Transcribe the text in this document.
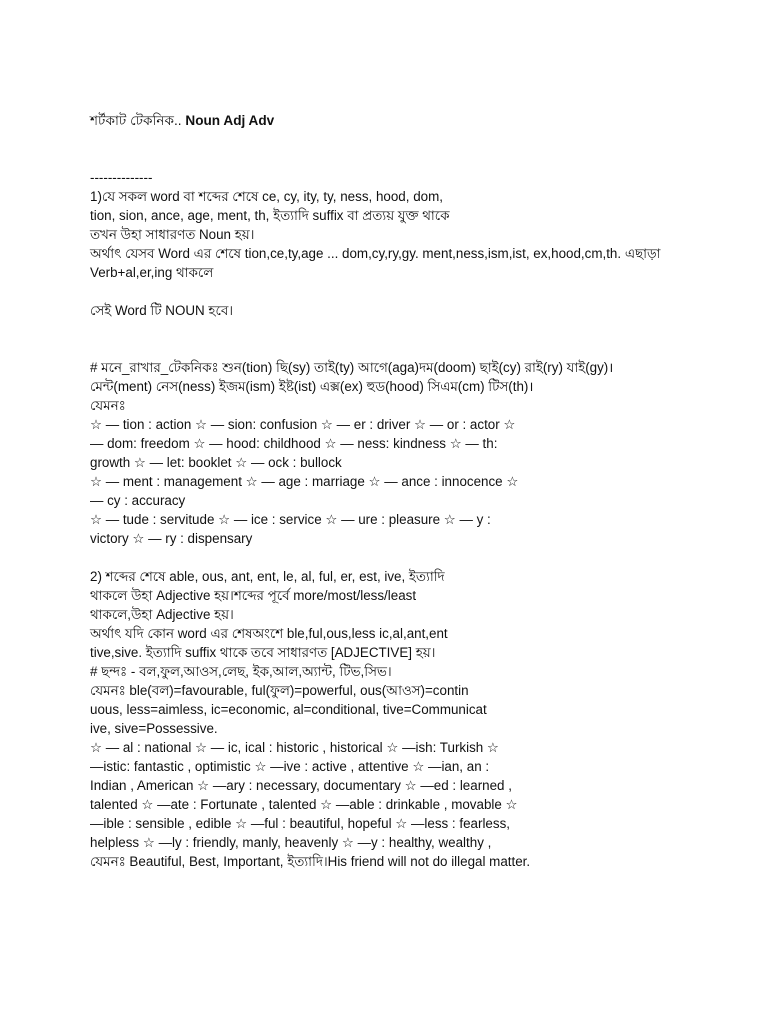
শর্টকাট টেকনিক.. Noun Adj Adv
--------------
1)যে সকল word বা শব্দের শেষে ce, cy, ity, ty, ness, hood, dom,
tion, sion, ance, age, ment, th, ইত্যাদি suffix বা প্রত্যয় যুক্ত থাকে
তখন উহা সাধারণত Noun হয়।
অর্থাৎ যেসব Word এর শেষে tion,ce,ty,age ... dom,cy,ry,gy. ment,ness,ism,ist, ex,hood,cm,th. এছাড়া
Verb+al,er,ing থাকলে
সেই Word টি NOUN হবে।
# মনে_রাখার_টেকনিকঃ শুন(tion) ছি(sy) তাই(ty) আগে(aga)দম(doom) ছাই(cy) রাই(ry) যাই(gy)।
মেন্ট(ment) নেস(ness) ইজম(ism) ইষ্ট(ist) এক্স(ex) হুড(hood) সিএম(cm) টিস(th)।
যেমনঃ
☆ — tion : action ☆ — sion: confusion ☆ — er : driver ☆ — or : actor ☆
— dom: freedom ☆ — hood: childhood ☆ — ness: kindness ☆ — th:
growth ☆ — let: booklet ☆ — ock : bullock
☆ — ment : management ☆ — age : marriage ☆ — ance : innocence ☆
— cy : accuracy
☆ — tude : servitude ☆ — ice : service ☆ — ure : pleasure ☆ — y :
victory ☆ — ry : dispensary
2) শব্দের শেষে able, ous, ant, ent, le, al, ful, er, est, ive, ইত্যাদি
থাকলে উহা Adjective হয়।শব্দের পূর্বে more/most/less/least
থাকলে,উহা Adjective হয়।
অর্থাৎ যদি কোন word এর শেষঅংশে ble,ful,ous,less ic,al,ant,ent
tive,sive. ইত্যাদি suffix থাকে তবে সাধারণত [ADJECTIVE] হয়।
# ছন্দঃ - বল,ফুল,আওস,লেছ, ইক,আল,অ্যান্ট, টিভ,সিভ।
যেমনঃ ble(বল)=favourable, ful(ফুল)=powerful, ous(আওস)=contin
uous, less=aimless, ic=economic, al=conditional, tive=Communicat
ive, sive=Possessive.
☆ — al : national ☆ — ic, ical : historic , historical ☆ —ish: Turkish ☆
—istic: fantastic , optimistic ☆ —ive : active , attentive ☆ —ian, an :
Indian , American ☆ —ary : necessary, documentary ☆ —ed : learned ,
talented ☆ —ate : Fortunate , talented ☆ —able : drinkable , movable ☆
—ible : sensible , edible ☆ —ful : beautiful, hopeful ☆ —less : fearless,
helpless ☆ —ly : friendly, manly, heavenly ☆ —y : healthy, wealthy ,
যেমনঃ Beautiful, Best, Important, ইত্যাদি।His friend will not do illegal matter.
